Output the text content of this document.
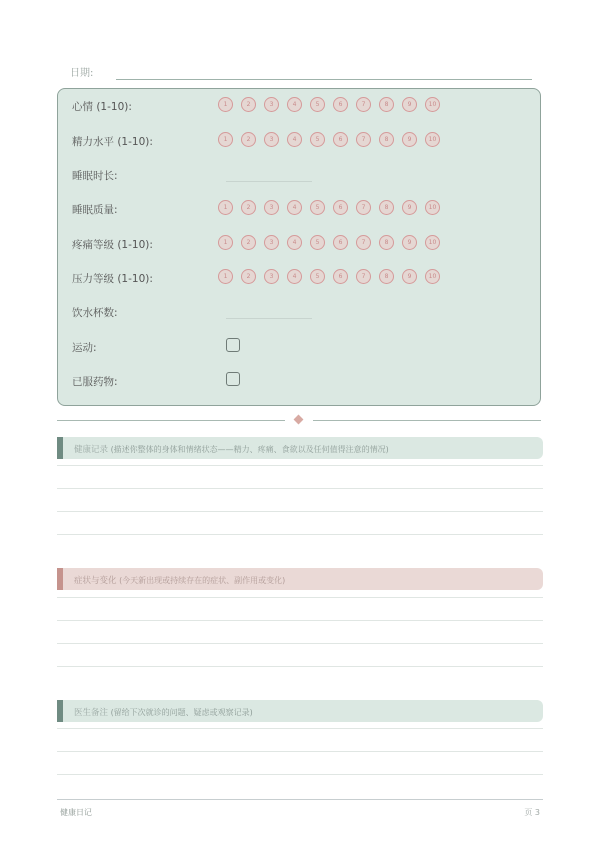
日期:
心情 (1-10):	1	2	3	4	5	6	7	8	9	10
精力水平 (1-10):	1	2	3	4	5	6	7	8	9	10
睡眠时长:
睡眠质量:	1	2	3	4	5	6	7	8	9	10
疼痛等级 (1-10):	1	2	3	4	5	6	7	8	9	10
压力等级 (1-10):	1	2	3	4	5	6	7	8	9	10
饮水杯数:
运动:
已服药物:
健康记录 (描述你整体的身体和情绪状态——精力、疼痛、食欲以及任何值得注意的情况)
症状与变化 (今天新出现或持续存在的症状、副作用或变化)
医生备注 (留给下次就诊的问题、疑虑或观察记录)
健康日记	页 3
